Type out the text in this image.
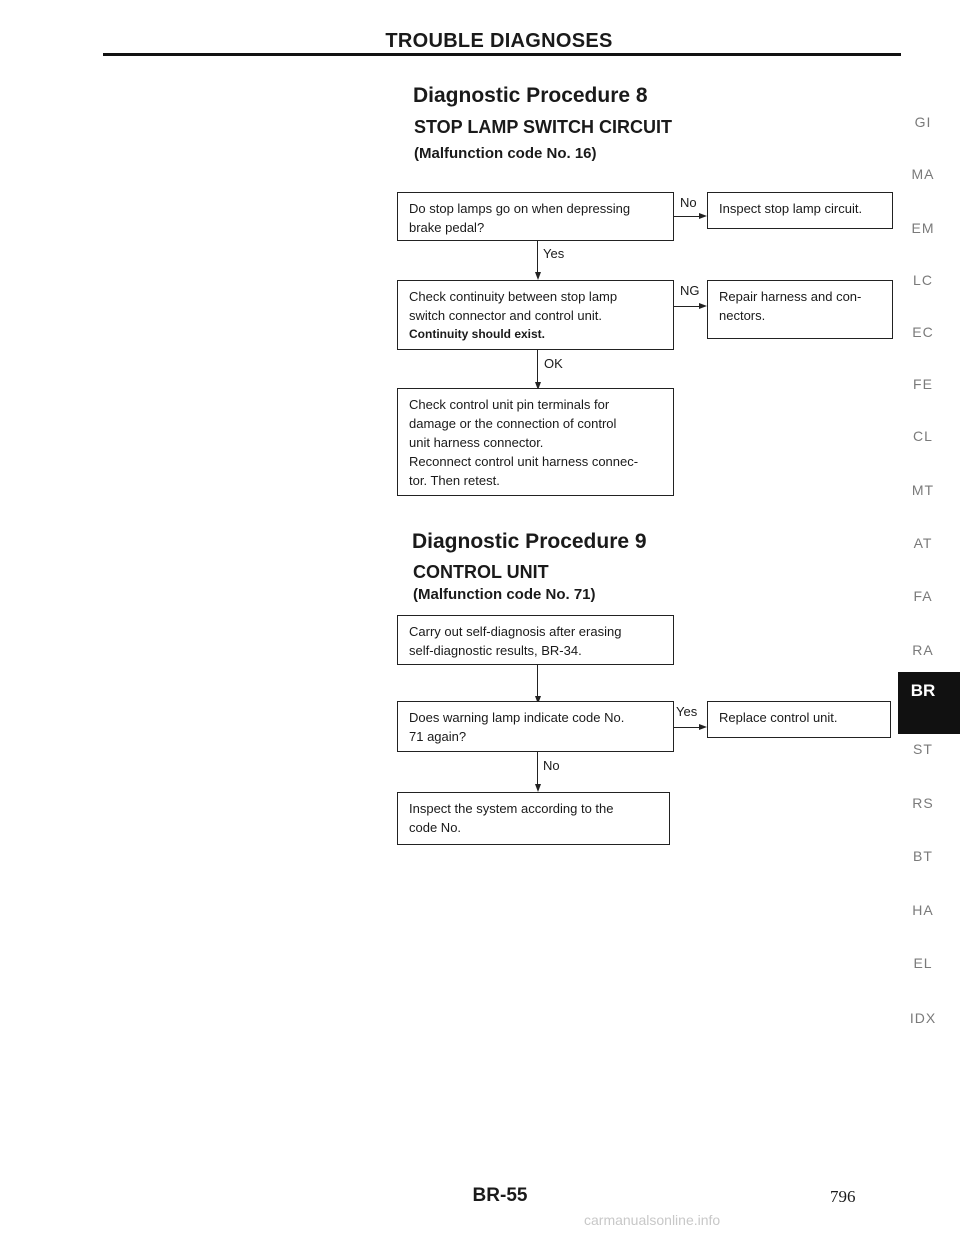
TROUBLE DIAGNOSES
Diagnostic Procedure 8
STOP LAMP SWITCH CIRCUIT
(Malfunction code No. 16)

Do stop lamps go on when depressing

brake pedal?

No	Inspect stop lamp circuit.
Yes

Check continuity between stop lamp

switch connector and control unit.

Continuity should exist.

NG Repair harness and con-

nectors.

OK

Check control unit pin terminals for

damage or the connection of control

unit harness connector.

Reconnect control unit harness connec-

tor. Then retest.

Diagnostic Procedure 9
CONTROL UNIT
(Malfunction code No. 71)

Carry out self-diagnosis after erasing

self-diagnostic results, BR-34.

Does warning lamp indicate code No.

71 again?

Yes	Replace control unit.
No

Inspect the system according to the

code No.

GI
MA
EM
LC
EC
FE
CL
MT
AT
FA
RA
BR
ST
RS
BT
HA
EL
IDX
BR-55	796
carmanualsonline.info
